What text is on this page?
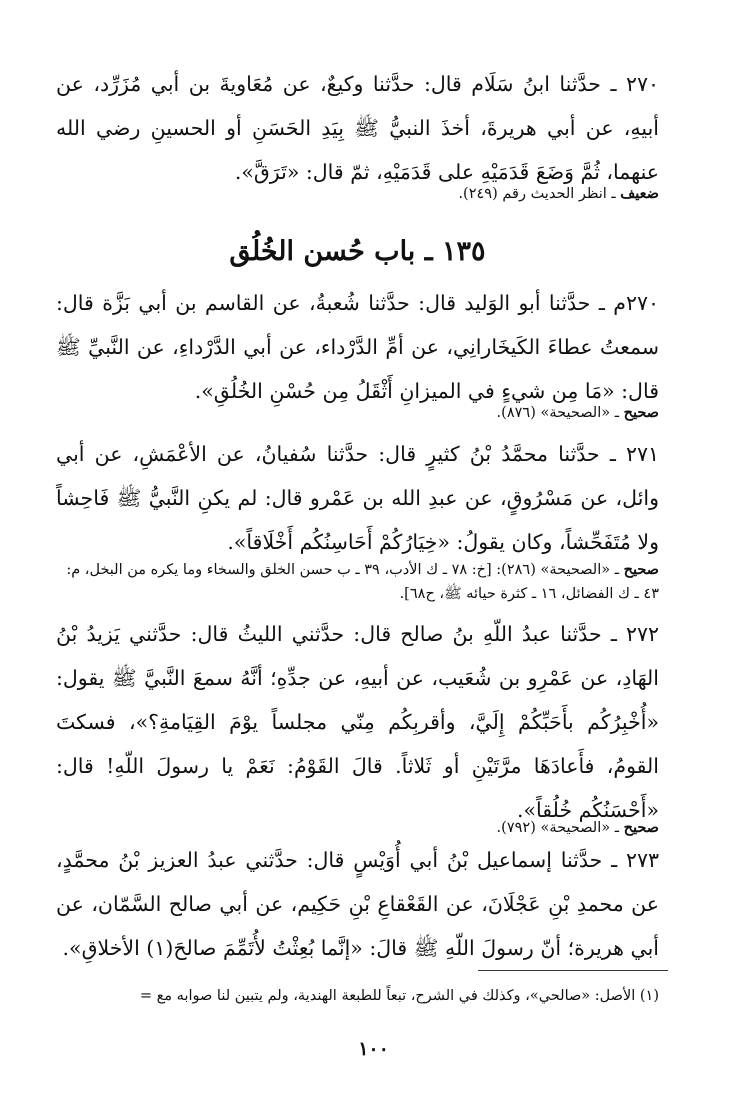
٢٧٠ ـ حدَّثنا ابنُ سَلَام قال: حدَّثنا وكيعٌ، عن مُعَاويةَ بن أبي مُزَرِّد، عن أبيهِ، عن أبي هريرةَ، أخذَ النبيُّ ﷺ بِيَدِ الحَسَنِ أو الحسينِ رضي الله عنهما، ثُمَّ وَضَعَ قَدَمَيْهِ على قَدَمَيْهِ، ثمّ قال: «تَرَقَّ».
ضعيف ـ انظر الحديث رقم (٢٤٩).
١٣٥ ـ باب حُسن الخُلُق
٢٧٠م ـ حدَّثنا أبو الوَليد قال: حدَّثنا شُعبةُ، عن القاسم بن أبي بَزَّة قال: سمعتُ عطاءَ الكَيخَارانِي، عن أمِّ الدَّرْداء، عن أبي الدَّرْداءِ، عن النَّبيِّ ﷺ قال: «مَا مِن شيءٍ في الميزانِ أَثْقَلُ مِن حُسْنِ الخُلُقِ».
صحيح ـ «الصحيحة» (٨٧٦).
٢٧١ ـ حدَّثنا محمَّدُ بْنُ كثيرٍ قال: حدَّثنا سُفيانُ، عن الأعْمَشِ، عن أبي وائل، عن مَسْرُوقٍ، عن عبدِ الله بن عَمْرو قال: لم يكنِ النَّبيُّ ﷺ فَاحِشاً ولا مُتَفَحِّشاً، وكان يقولُ: «خِيَارُكُمْ أَحَاسِنُكُم أَخْلَاقاً».
صحيح ـ «الصحيحة» (٢٨٦): [خ: ٧٨ ـ ك الأدب، ٣٩ ـ ب حسن الخلق والسخاء وما يكره من البخل، م: ٤٣ ـ ك الفضائل، ١٦ ـ كثرة حيائه ﷺ، ح٦٨].
٢٧٢ ـ حدَّثنا عبدُ اللّهِ بنُ صالح قال: حدَّثني الليثُ قال: حدَّثني يَزيدُ بْنُ الهَادِ، عن عَمْرِو بن شُعَيب، عن أبيهِ، عن جدِّهِ؛ أنَّهُ سمعَ النَّبيَّ ﷺ يقول: «أُخْبِرُكُم بأَحَبِّكُمْ إِلَيَّ، وأقربِكُم مِنّي مجلساً يوْمَ القِيَامةِ؟»، فسكتَ القومُ، فأَعادَهَا مرَّتَيْنِ أو ثَلاثاً. قالَ القَوْمُ: نَعَمْ يا رسولَ اللّهِ! قال: «أَحْسَنُكُم خُلُقاً».
صحيح ـ «الصحيحة» (٧٩٢).
٢٧٣ ـ حدَّثنا إسماعيل بْنُ أبي أُوَيْسٍ قال: حدَّثني عبدُ العزيز بْنُ محمَّدٍ، عن محمدِ بْنِ عَجْلَانَ، عن القَعْقاعِ بْنِ حَكِيم، عن أبي صالح السَّمّان، عن أبي هريرة؛ أنّ رسولَ اللّهِ ﷺ قالَ: «إنَّما بُعِثْتُ لأُتَمِّمَ صالحَ(١) الأخلاقِ».
(١) الأصل: «صالحي»، وكذلك في الشرح، تبعاً للطبعة الهندية، ولم يتبين لنا صوابه مع =
١٠٠
